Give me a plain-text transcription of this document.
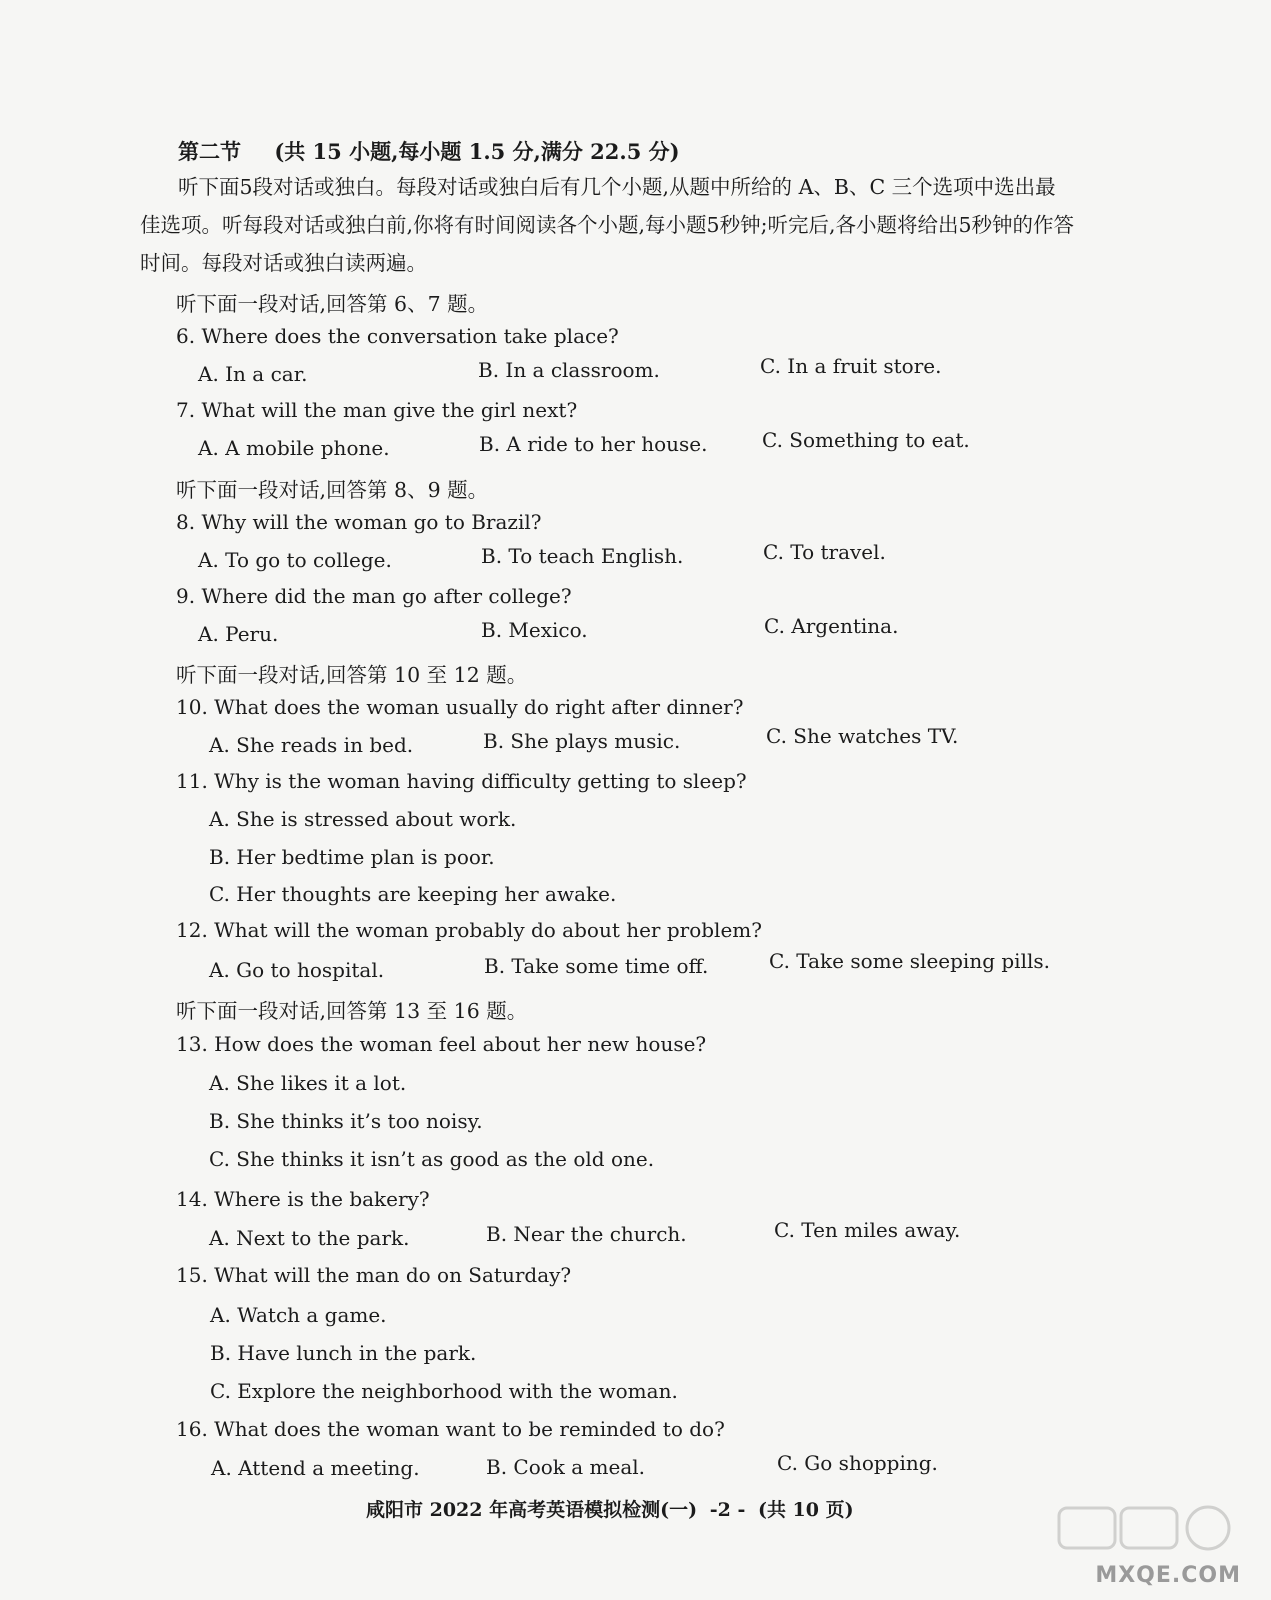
第二节 (共 15 小题,每小题 1.5 分,满分 22.5 分)
听下面5段对话或独白。每段对话或独白后有几个小题,从题中所给的 A、B、C 三个选项中选出最佳选项。听每段对话或独白前,你将有时间阅读各个小题,每小题5秒钟;听完后,各小题将给出5秒钟的作答时间。每段对话或独白读两遍。
听下面一段对话,回答第 6、7 题。
6. Where does the conversation take place?
A. In a car.	B. In a classroom.	C. In a fruit store.
7. What will the man give the girl next?
A. A mobile phone.	B. A ride to her house.	C. Something to eat.
听下面一段对话,回答第 8、9 题。
8. Why will the woman go to Brazil?
A. To go to college.	B. To teach English.	C. To travel.
9. Where did the man go after college?
A. Peru.	B. Mexico.	C. Argentina.
听下面一段对话,回答第 10 至 12 题。
10. What does the woman usually do right after dinner?
A. She reads in bed.	B. She plays music.	C. She watches TV.
11. Why is the woman having difficulty getting to sleep?
A. She is stressed about work.
B. Her bedtime plan is poor.
C. Her thoughts are keeping her awake.
12. What will the woman probably do about her problem?
A. Go to hospital.	B. Take some time off.	C. Take some sleeping pills.
听下面一段对话,回答第 13 至 16 题。
13. How does the woman feel about her new house?
A. She likes it a lot.
B. She thinks it’s too noisy.
C. She thinks it isn’t as good as the old one.
14. Where is the bakery?
A. Next to the park.	B. Near the church.	C. Ten miles away.
15. What will the man do on Saturday?
A. Watch a game.
B. Have lunch in the park.
C. Explore the neighborhood with the woman.
16. What does the woman want to be reminded to do?
A. Attend a meeting.	B. Cook a meal.	C. Go shopping.
咸阳市 2022 年高考英语模拟检测(一) -2 - (共 10 页)
MXQE.COM
